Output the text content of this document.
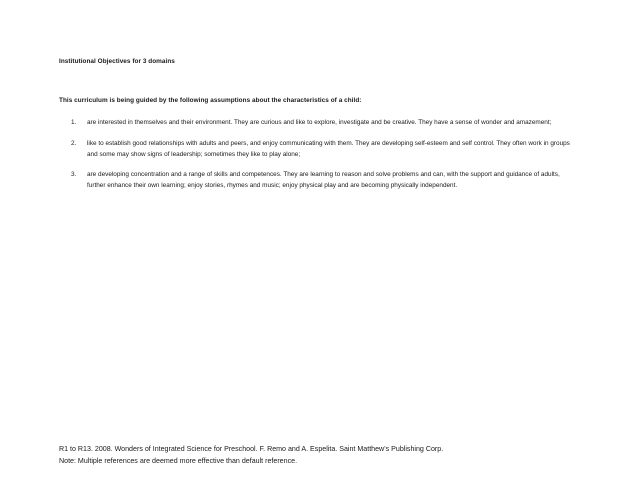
Institutional Objectives for 3 domains
This curriculum is being guided by the following assumptions about the characteristics of a child:
1. are interested in themselves and their environment. They are curious and like to explore, investigate and be creative. They have a sense of wonder and amazement;
2. like to establish good relationships with adults and peers, and enjoy communicating with them. They are developing self-esteem and self control. They often work in groups and some may show signs of leadership; sometimes they like to play alone;
3. are developing concentration and a range of skills and competences. They are learning to reason and solve problems and can, with the support and guidance of adults, further enhance their own learning; enjoy stories, rhymes and music; enjoy physical play and are becoming physically independent.
R1 to R13. 2008. Wonders of Integrated Science for Preschool. F. Remo and A. Espelita. Saint Matthew’s Publishing Corp.
Note: Multiple references are deemed more effective than default reference.
